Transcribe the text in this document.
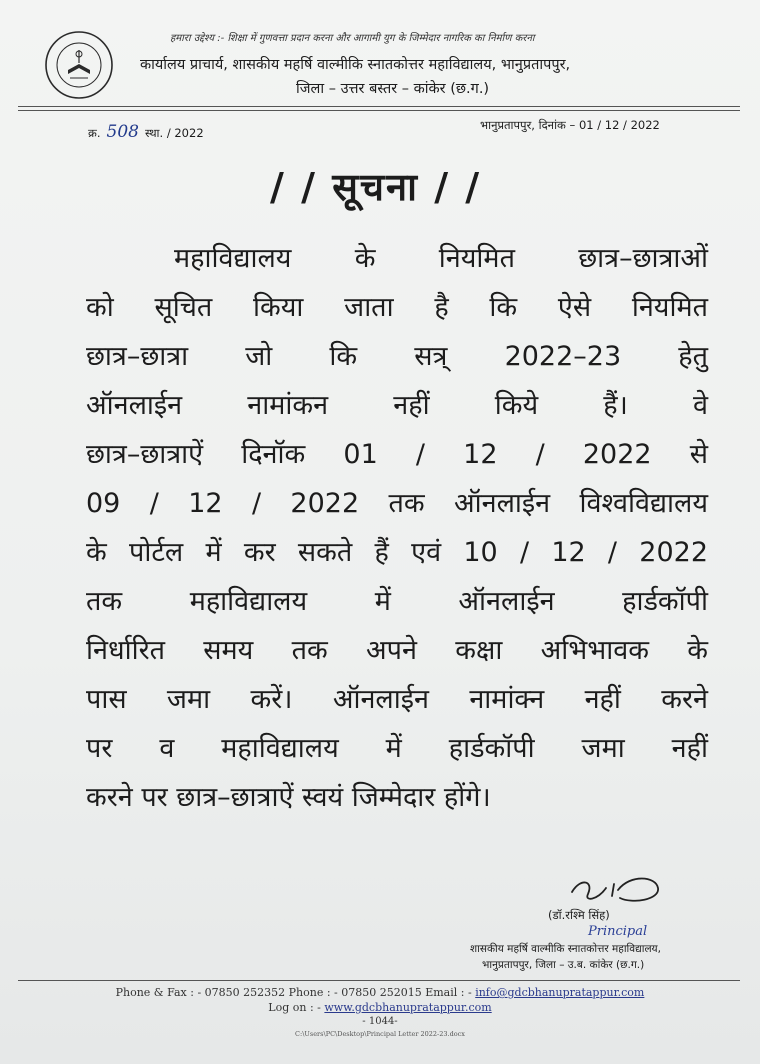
हमारा उद्देश्य :- शिक्षा में गुणवत्ता प्रदान करना और आगामी युग के जिम्मेदार नागरिक का निर्माण करना
कार्यालय प्राचार्य, शासकीय महर्षि वाल्मीकि स्नातकोत्तर महाविद्यालय, भानुप्रतापपुर,
जिला – उत्तर बस्तर – कांकेर (छ.ग.)
क्र. 508 स्था. / 2022
भानुप्रतापपुर, दिनांक – 01 / 12 / 2022
/ / सूचना / /
महाविद्यालय के नियमित छात्र–छात्राओं
को सूचित किया जाता है कि ऐसे नियमित
छात्र–छात्रा जो कि सत्र् 2022–23 हेतु
ऑनलाईन नामांकन नहीं किये हैं। वे
छात्र–छात्राऐं दिनॉक 01 / 12 / 2022 से
09 / 12 / 2022 तक ऑनलाईन विश्वविद्यालय
के पोर्टल में कर सकते हैं एवं 10 / 12 / 2022
तक महाविद्यालय में ऑनलाईन हार्डकॉपी
निर्धारित समय तक अपने कक्षा अभिभावक के
पास जमा करें। ऑनलाईन नामांक्न नहीं करने
पर व महाविद्यालय में हार्डकॉपी जमा नहीं
करने पर छात्र–छात्राऐं स्वयं जिम्मेदार होंगे।
(डॉ.रश्मि सिंह)
Principal
शासकीय महर्षि वाल्मीकि स्नातकोत्तर महाविद्यालय,
भानुप्रतापपुर, जिला – उ.ब. कांकेर (छ.ग.)
Phone & Fax : - 07850 252352 Phone : - 07850 252015 Email : - info@gdcbhanupratappur.com
Log on : - www.gdcbhanupratappur.com
- 1044-
C:\Users\PC\Desktop\Principal Letter 2022-23.docx
